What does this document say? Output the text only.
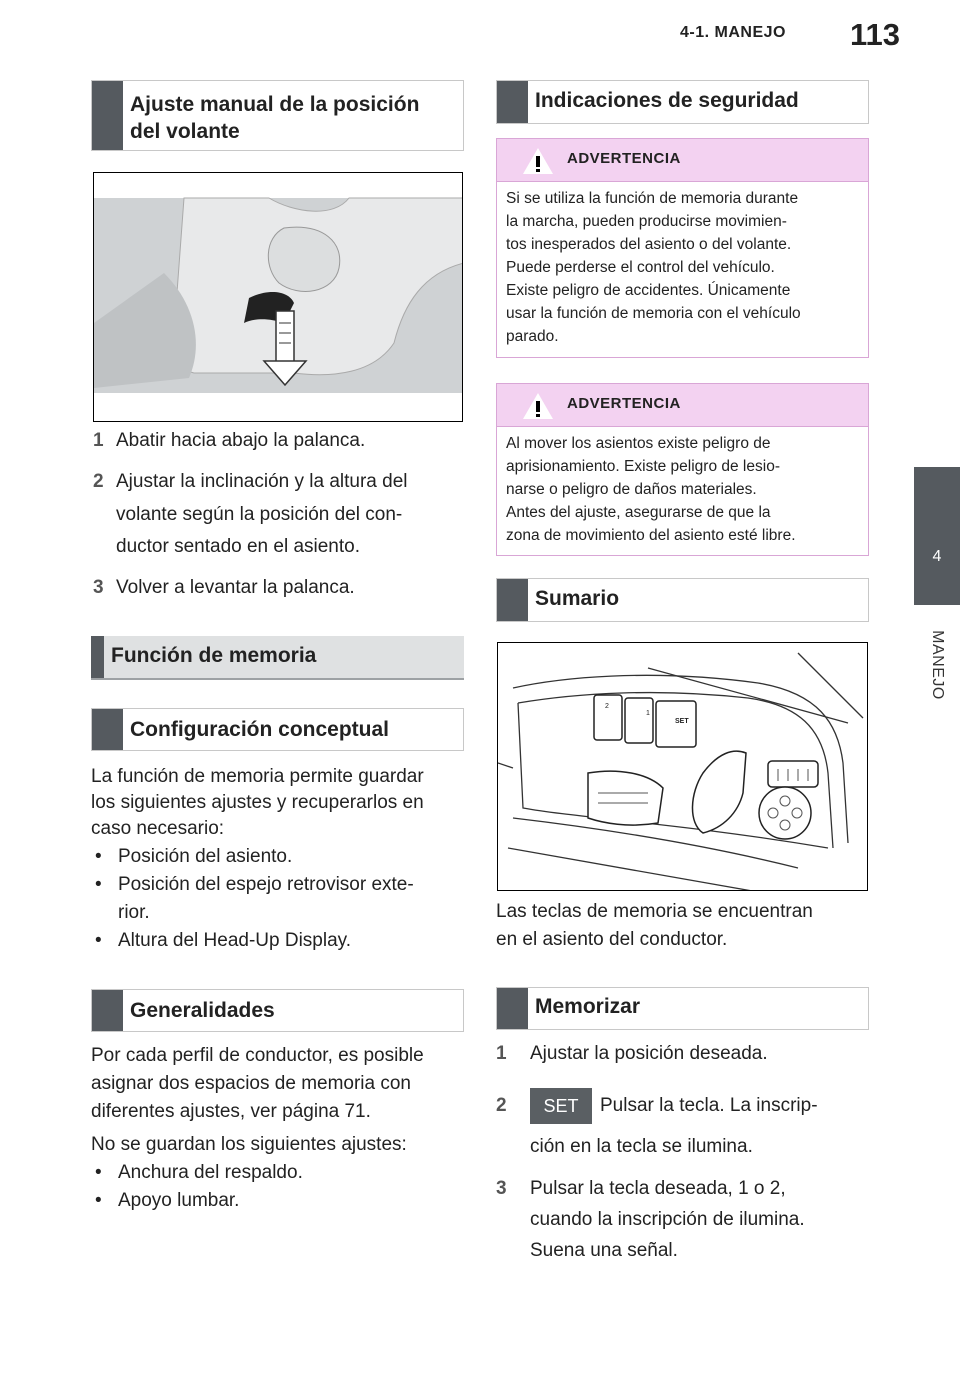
4-1. MANEJO 113
4
MANEJO
Ajuste manual de la posición del volante
1 Abatir hacia abajo la palanca.
2 Ajustar la inclinación y la altura del
volante según la posición del con-
ductor sentado en el asiento.
3 Volver a levantar la palanca.
Función de memoria
Configuración conceptual
La función de memoria permite guardar
los siguientes ajustes y recuperarlos en
caso necesario:
• Posición del asiento.
• Posición del espejo retrovisor exte-
rior.
• Altura del Head-Up Display.
Generalidades
Por cada perfil de conductor, es posible
asignar dos espacios de memoria con
diferentes ajustes, ver página 71.
No se guardan los siguientes ajustes:
• Anchura del respaldo.
• Apoyo lumbar.
Indicaciones de seguridad
ADVERTENCIA
Si se utiliza la función de memoria durante
la marcha, pueden producirse movimien-
tos inesperados del asiento o del volante.
Puede perderse el control del vehículo.
Existe peligro de accidentes. Únicamente
usar la función de memoria con el vehículo
parado.
ADVERTENCIA
Al mover los asientos existe peligro de
aprisionamiento. Existe peligro de lesio-
narse o peligro de daños materiales.
Antes del ajuste, asegurarse de que la
zona de movimiento del asiento esté libre.
Sumario
2
1
SET
Las teclas de memoria se encuentran
en el asiento del conductor.
Memorizar
1 Ajustar la posición deseada.
2 SET Pulsar la tecla. La inscrip-
ción en la tecla se ilumina.
3 Pulsar la tecla deseada, 1 o 2,
cuando la inscripción de ilumina.
Suena una señal.
